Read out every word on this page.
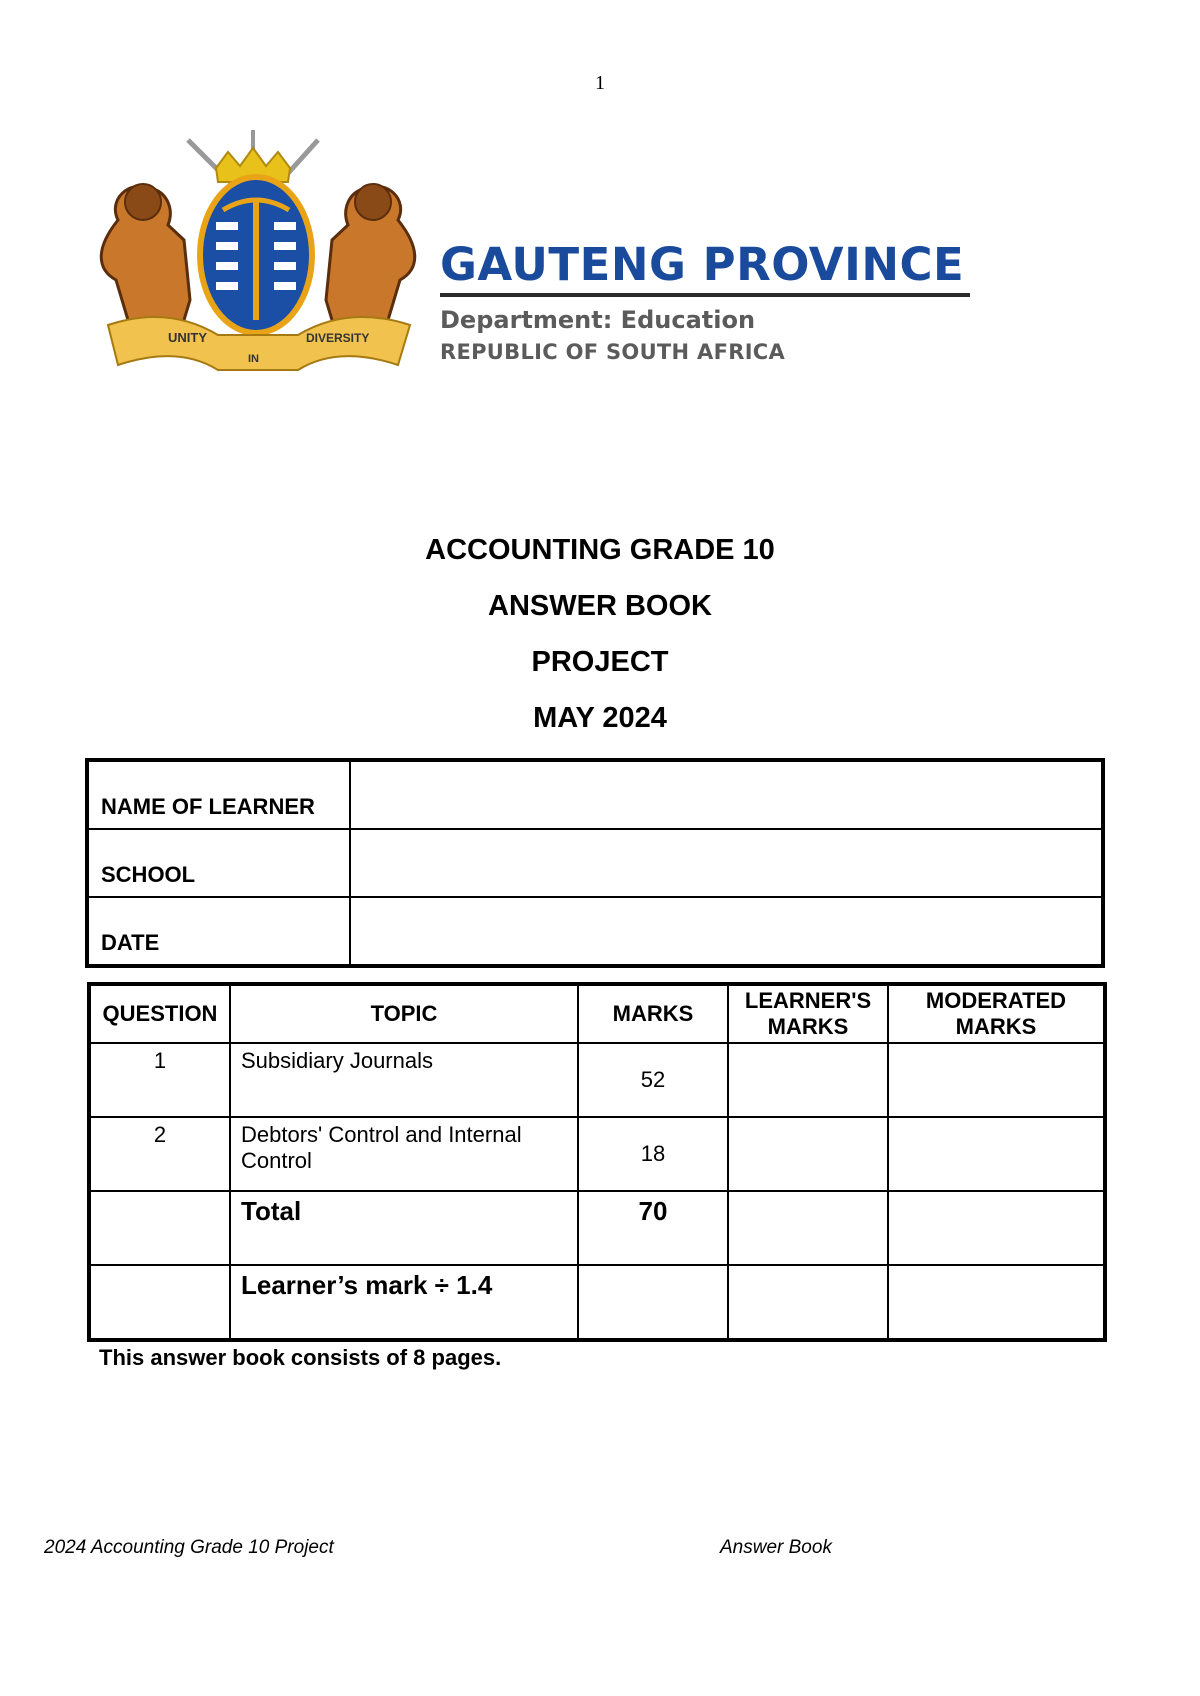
1
UNITY
IN
DIVERSITY
GAUTENG PROVINCE
Department: Education
REPUBLIC OF SOUTH AFRICA
ACCOUNTING GRADE 10
ANSWER BOOK
PROJECT
MAY 2024
NAME OF LEARNER	
SCHOOL	
DATE	
QUESTION	TOPIC	MARKS	LEARNER'S MARKS	MODERATED MARKS
1	Subsidiary Journals	52		
2	Debtors' Control and Internal Control	18		
	Total	70		
	Learner’s mark ÷ 1.4			
This answer book consists of 8 pages.
2024 Accounting Grade 10 Project	Answer Book
